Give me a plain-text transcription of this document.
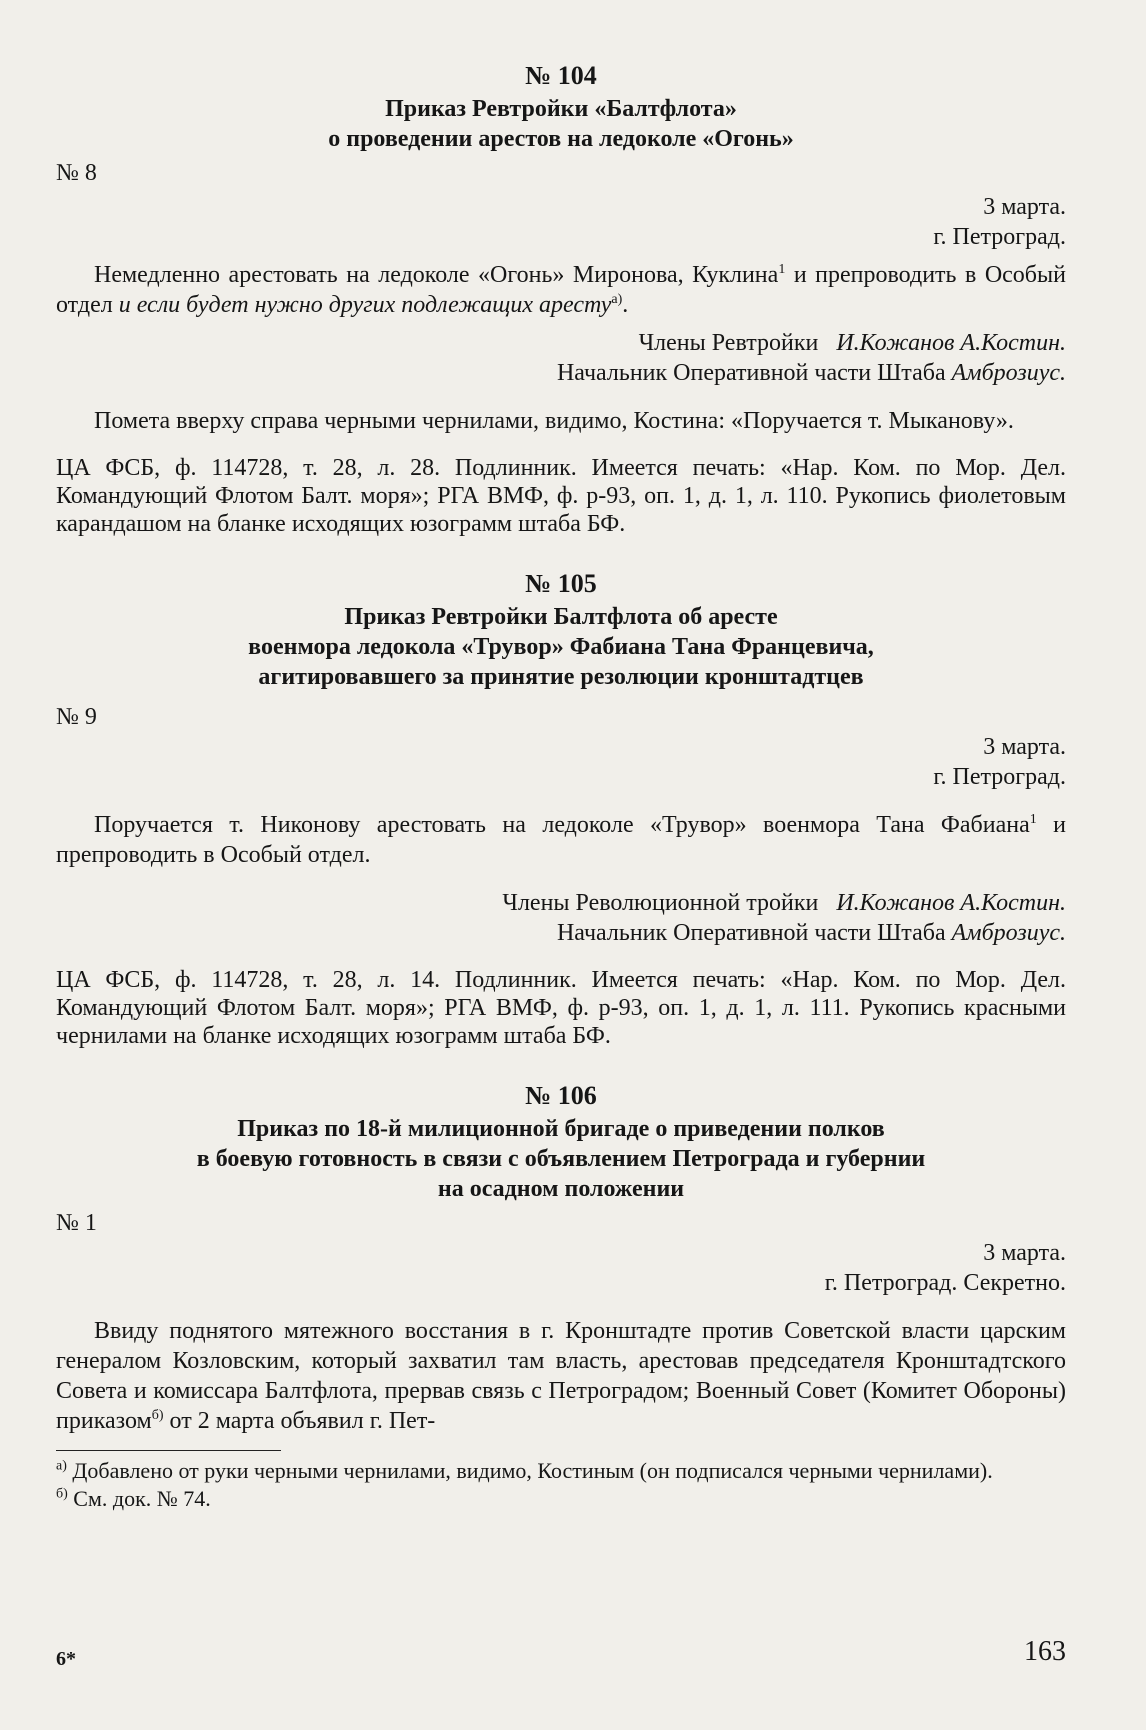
№ 104
Приказ Ревтройки «Балтфлота»
о проведении арестов на ледоколе «Огонь»
№ 8
3 марта.
г. Петроград.

Немедленно арестовать на ледоколе «Огонь» Миронова, Куклина$^1$ и препроводить в Особый отдел и если будет нужно других подлежащих аресту$^{а)}$.

Члены Ревтройки И.Кожанов А.Костин.
Начальник Оперативной части Штаба Амброзиус.

Помета вверху справа черными чернилами, видимо, Костина: «Поручается т. Мыканову».

ЦА ФСБ, ф. 114728, т. 28, л. 28. Подлинник. Имеется печать: «Нар. Ком. по Мор. Дел. Командующий Флотом Балт. моря»; РГА ВМФ, ф. р-93, оп. 1, д. 1, л. 110. Рукопись фиолетовым карандашом на бланке исходящих юзограмм штаба БФ.

№ 105
Приказ Ревтройки Балтфлота об аресте
военмора ледокола «Трувор» Фабиана Тана Францевича,
агитировавшего за принятие резолюции кронштадтцев
№ 9
3 марта.
г. Петроград.

Поручается т. Никонову арестовать на ледоколе «Трувор» военмора Тана Фабиана$^1$ и препроводить в Особый отдел.

Члены Революционной тройки И.Кожанов А.Костин.
Начальник Оперативной части Штаба Амброзиус.

ЦА ФСБ, ф. 114728, т. 28, л. 14. Подлинник. Имеется печать: «Нар. Ком. по Мор. Дел. Командующий Флотом Балт. моря»; РГА ВМФ, ф. р-93, оп. 1, д. 1, л. 111. Рукопись красными чернилами на бланке исходящих юзограмм штаба БФ.

№ 106
Приказ по 18-й милиционной бригаде о приведении полков
в боевую готовность в связи с объявлением Петрограда и губернии
на осадном положении
№ 1
3 марта.
г. Петроград. Секретно.

Ввиду поднятого мятежного восстания в г. Кронштадте против Советской власти царским генералом Козловским, который захватил там власть, арестовав председателя Кронштадтского Совета и комиссара Балтфлота, прервав связь с Петроградом; Военный Совет (Комитет Обороны) приказом$^{б)}$ от 2 марта объявил г. Пет-

$^{а)}$ Добавлено от руки черными чернилами, видимо, Костиным (он подписался черными чернилами).
$^{б)}$ См. док. № 74.
6*	163
